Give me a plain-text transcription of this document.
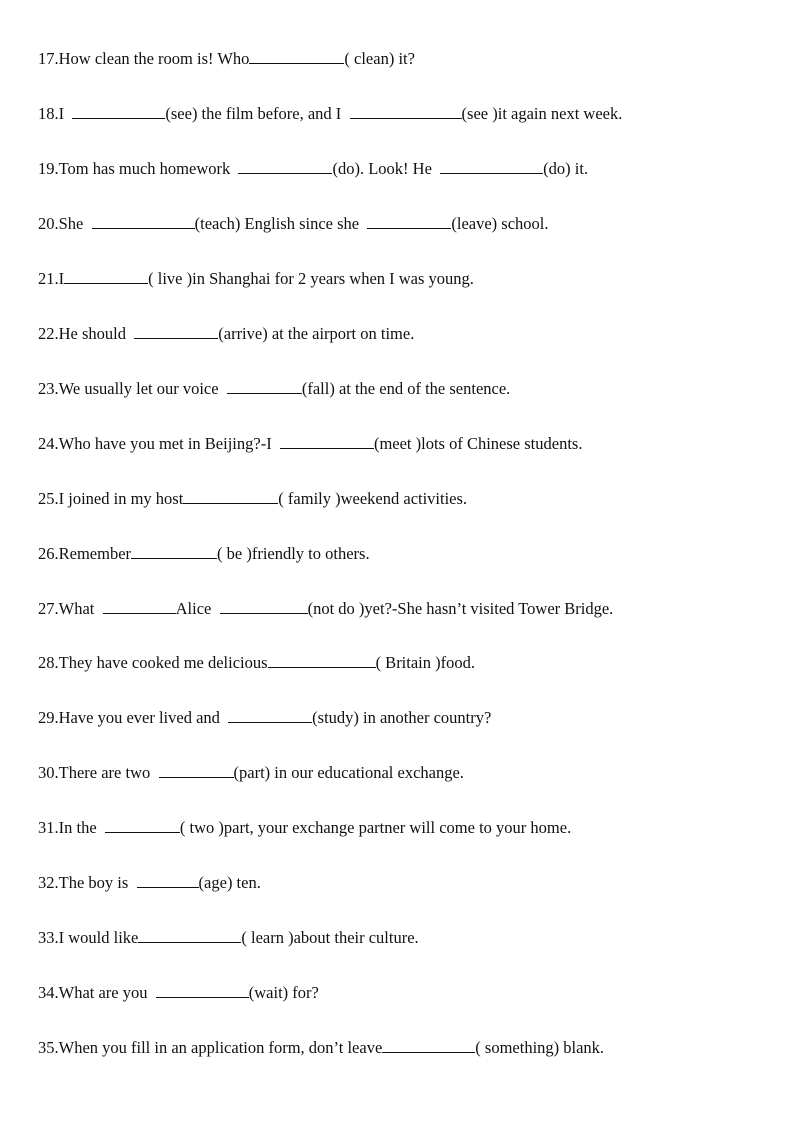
17.How clean the room is! Who	( clean) it?
18.I	(see) the film before, and I	(see )it again next week.
19.Tom has much homework	(do). Look! He	(do) it.
20.She	(teach) English since she	(leave) school.
21.I	( live )in Shanghai for 2 years when I was young.
22.He should	(arrive) at the airport on time.
23.We usually let our voice	(fall) at the end of the sentence.
24.Who have you met in Beijing?-I	(meet )lots of Chinese students.
25.I joined in my host	( family )weekend activities.
26.Remember	( be )friendly to others.
27.What	Alice	(not do )yet?-She hasn’t visited Tower Bridge.
28.They have cooked me delicious	( Britain )food.
29.Have you ever lived and	(study) in another country?
30.There are two	(part) in our educational exchange.
31.In the	( two )part, your exchange partner will come to your home.
32.The boy is	(age) ten.
33.I would like	( learn )about their culture.
34.What are you	(wait) for?
35.When you fill in an application form, don’t leave	( something) blank.
